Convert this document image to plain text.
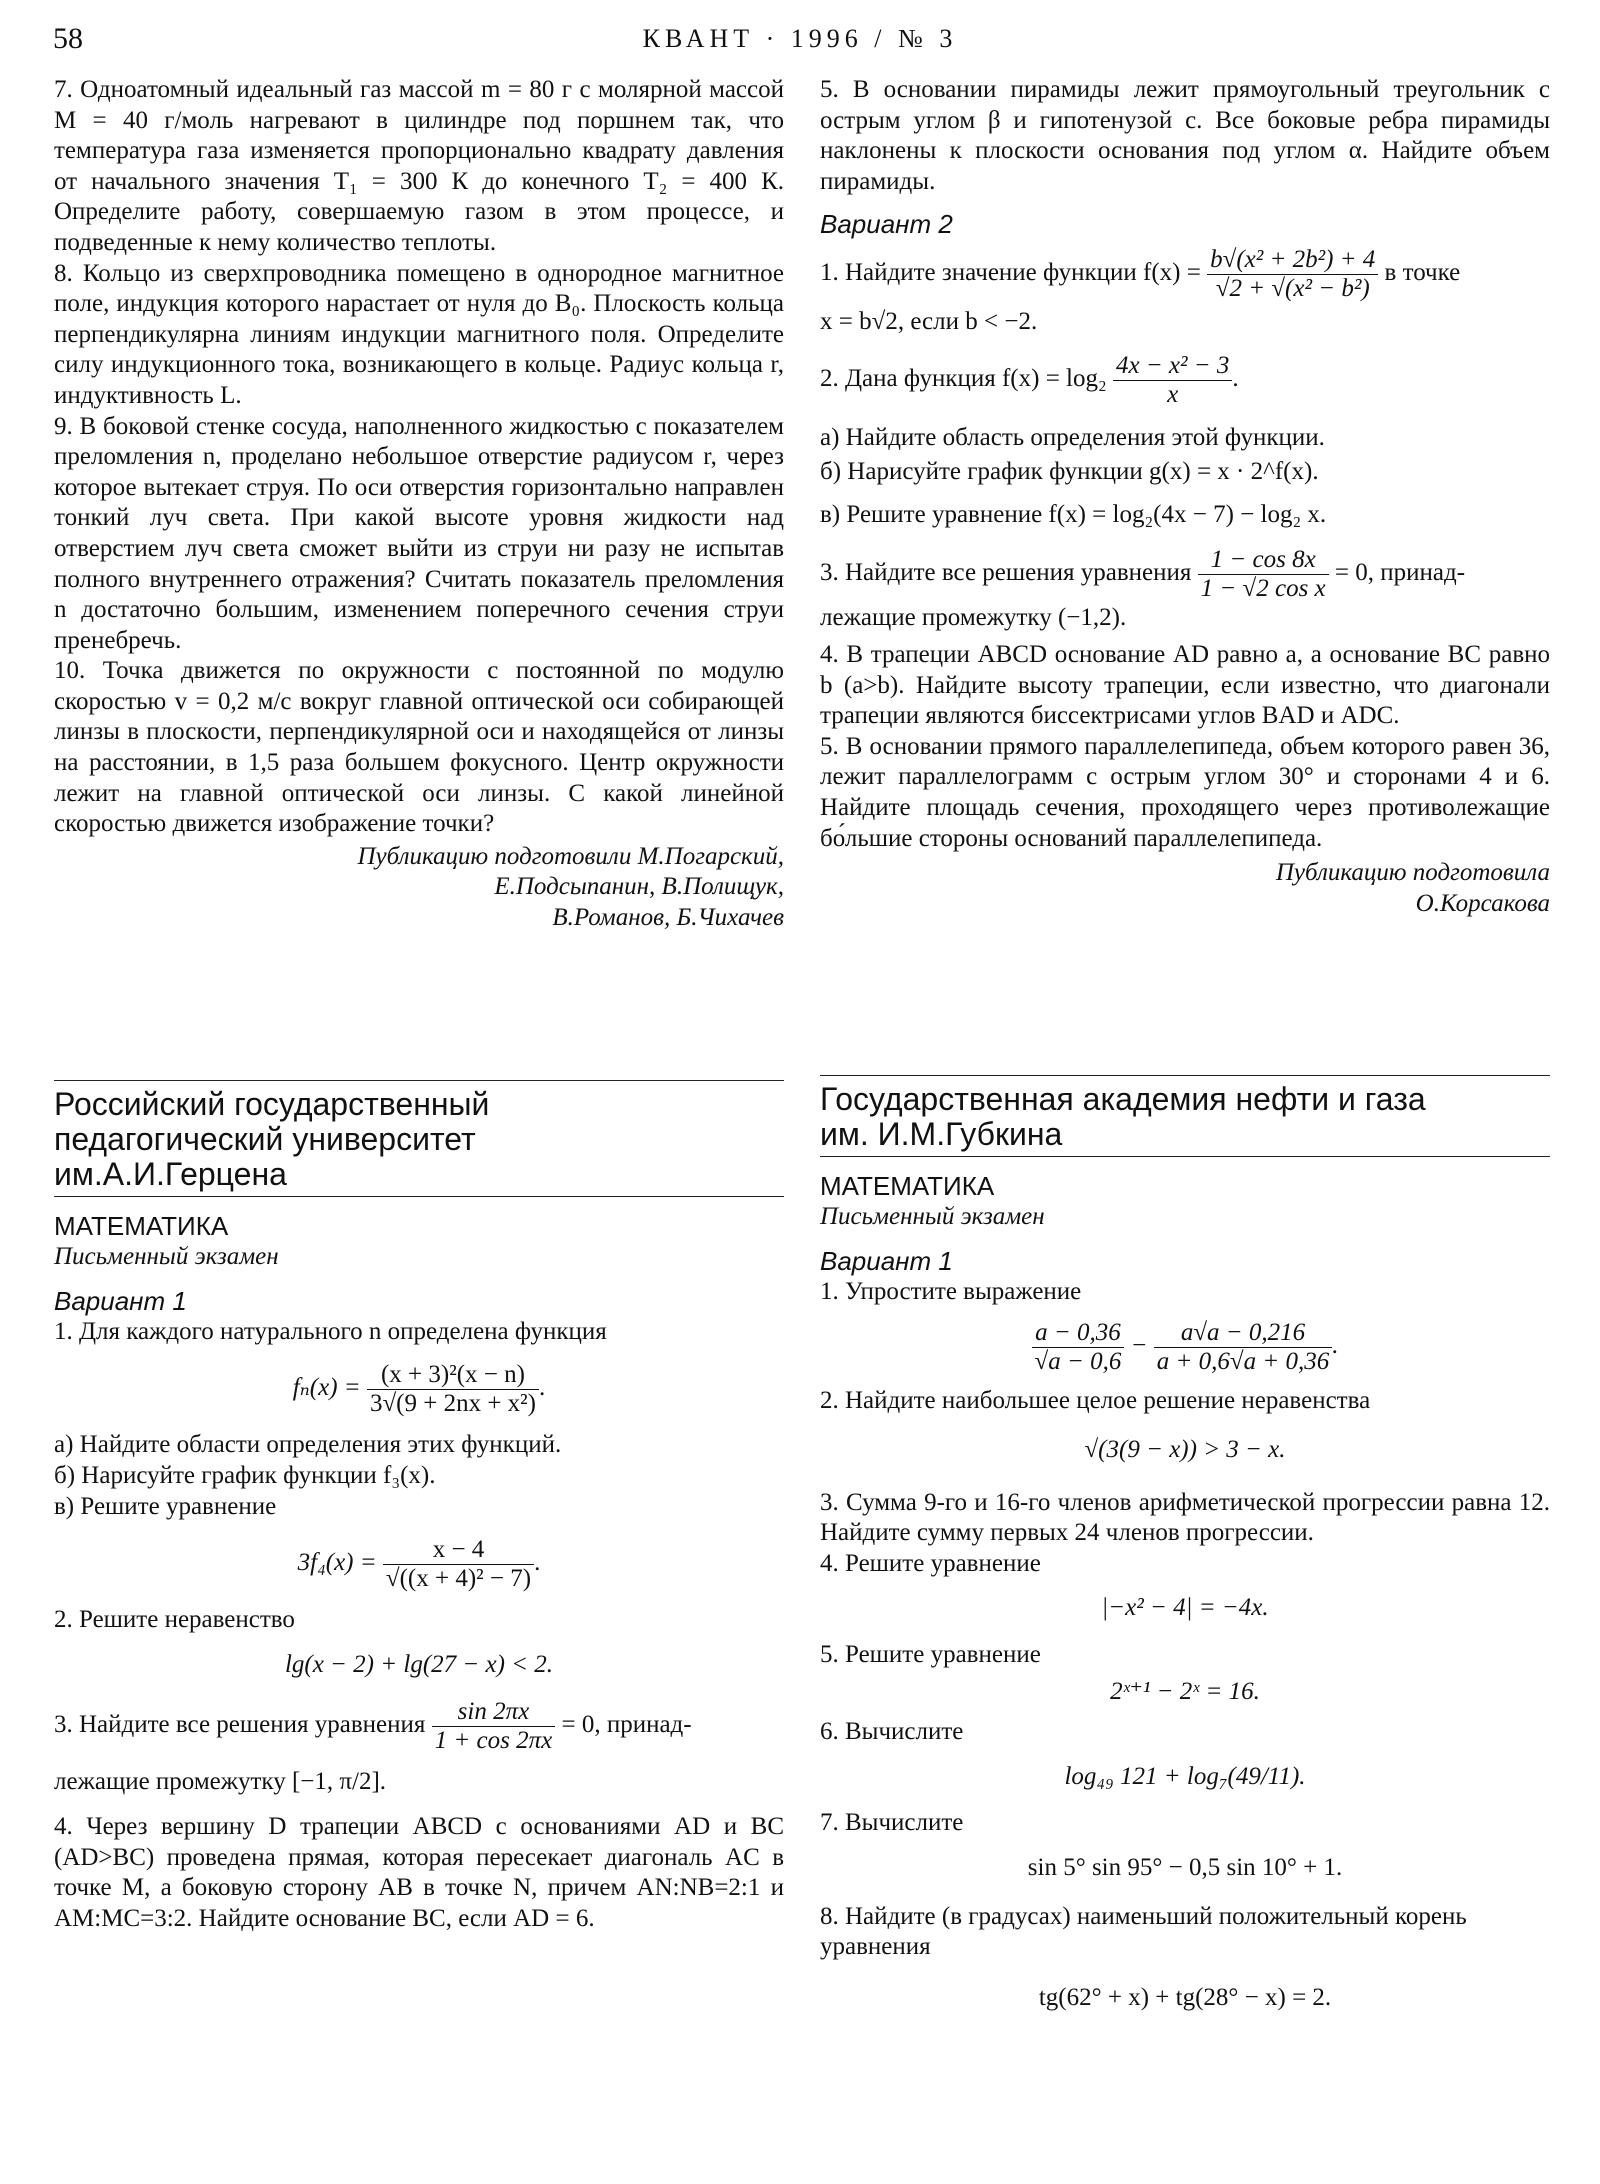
58	КВАНТ · 1996 / № 3

7. Одноатомный идеальный газ массой m = 80 г с молярной массой M = 40 г/моль нагревают в цилиндре под поршнем так, что температура газа изменяется пропорционально квадрату давления от начального значения T₁ = 300 К до конечного T₂ = 400 К. Определите работу, совершаемую газом в этом процессе, и подведенные к нему количество теплоты.

8. Кольцо из сверхпроводника помещено в однородное магнитное поле, индукция которого нарастает от нуля до B₀. Плоскость кольца перпендикулярна линиям индукции магнитного поля. Определите силу индукционного тока, возникающего в кольце. Радиус кольца r, индуктивность L.

9. В боковой стенке сосуда, наполненного жидкостью с показателем преломления n, проделано небольшое отверстие радиусом r, через которое вытекает струя. По оси отверстия горизонтально направлен тонкий луч света. При какой высоте уровня жидкости над отверстием луч света сможет выйти из струи ни разу не испытав полного внутреннего отражения? Считать показатель преломления n достаточно большим, изменением поперечного сечения струи пренебречь.

10. Точка движется по окружности с постоянной по модулю скоростью v = 0,2 м/с вокруг главной оптической оси собирающей линзы в плоскости, перпендикулярной оси и находящейся от линзы на расстоянии, в 1,5 раза большем фокусного. Центр окружности лежит на главной оптической оси линзы. С какой линейной скоростью движется изображение точки?

Публикацию подготовили М.Погарский,

Е.Подсыпанин, В.Полищук,

В.Романов, Б.Чихачев

Российский государственный
педагогический университет
им.А.И.Герцена
МАТЕМАТИКА
Письменный экзамен
Вариант 1

1. Для каждого натурального n определена функция

$f_n(x) = \frac{\text{(x + 3)²(x − n)}}{\text{3√(9 + 2nx + x²)}}$ .

а) Найдите области определения этих функций.

б) Нарисуйте график функции f₃(x).

в) Решите уравнение

$3f_4(x) = \frac{x - 4}{\text{√((x + 4)² − 7)}}$ .

2. Решите неравенство

lg(x − 2) + lg(27 − x) < 2.

3. Найдите все решения уравнения $\frac{\sin 2\pi x}{1 + \cos 2\pi x} = 0$, принад-

лежащие промежутку [−1, π/2].

4. Через вершину D трапеции ABCD с основаниями AD и BC (AD>BC) проведена прямая, которая пересекает диагональ AC в точке M, а боковую сторону AB в точке N, причем AN:NB=2:1 и AM:MC=3:2. Найдите основание BC, если AD = 6.

5. В основании пирамиды лежит прямоугольный треугольник с острым углом β и гипотенузой c. Все боковые ребра пирамиды наклонены к плоскости основания под углом α. Найдите объем пирамиды.

Вариант 2

1. Найдите значение функции $f(x) = \frac{\text{b√(x² + 2b²) + 4}}{\text{√2 + √(x² − b²)}}$ в точке

x = b√2, если b < −2.

2. Дана функция $f(x) = \log_2 \frac{\text{4x − x² − 3}}{x}$ .

а) Найдите область определения этой функции.

б) Нарисуйте график функции g(x) = x · 2^f(x).

в) Решите уравнение f(x) = log₂(4x − 7) − log₂ x.

3. Найдите все решения уравнения $\frac{1 - \cos 8x}{\text{1 − √2 cos x}} = 0$, принад-

лежащие промежутку (−1,2).

4. В трапеции ABCD основание AD равно a, а основание BC равно b (a>b). Найдите высоту трапеции, если известно, что диагонали трапеции являются биссектрисами углов BAD и ADC.

5. В основании прямого параллелепипеда, объем которого равен 36, лежит параллелограмм с острым углом 30° и сторонами 4 и 6. Найдите площадь сечения, проходящего через противолежащие бо́льшие стороны оснований параллелепипеда.

Публикацию подготовила

О.Корсакова

Государственная академия нефти и газа
им. И.М.Губкина
МАТЕМАТИКА
Письменный экзамен
Вариант 1

1. Упростите выражение

$\frac{a - 0,36}{√a - 0,6} - \frac{a√a - 0,216}{a + 0,6√a + 0,36}$ .

2. Найдите наибольшее целое решение неравенства

√(3(9 − x)) > 3 − x.

3. Сумма 9-го и 16-го членов арифметической прогрессии равна 12. Найдите сумму первых 24 членов прогрессии.

4. Решите уравнение

|−x² − 4| = −4x.

5. Решите уравнение

2ˣ⁺¹ − 2ˣ = 16.

6. Вычислите

log₄₉ 121 + log₇(49/11).

7. Вычислите

sin 5° sin 95° − 0,5 sin 10° + 1.

8. Найдите (в градусах) наименьший положительный корень уравнения

tg(62° + x) + tg(28° − x) = 2.
